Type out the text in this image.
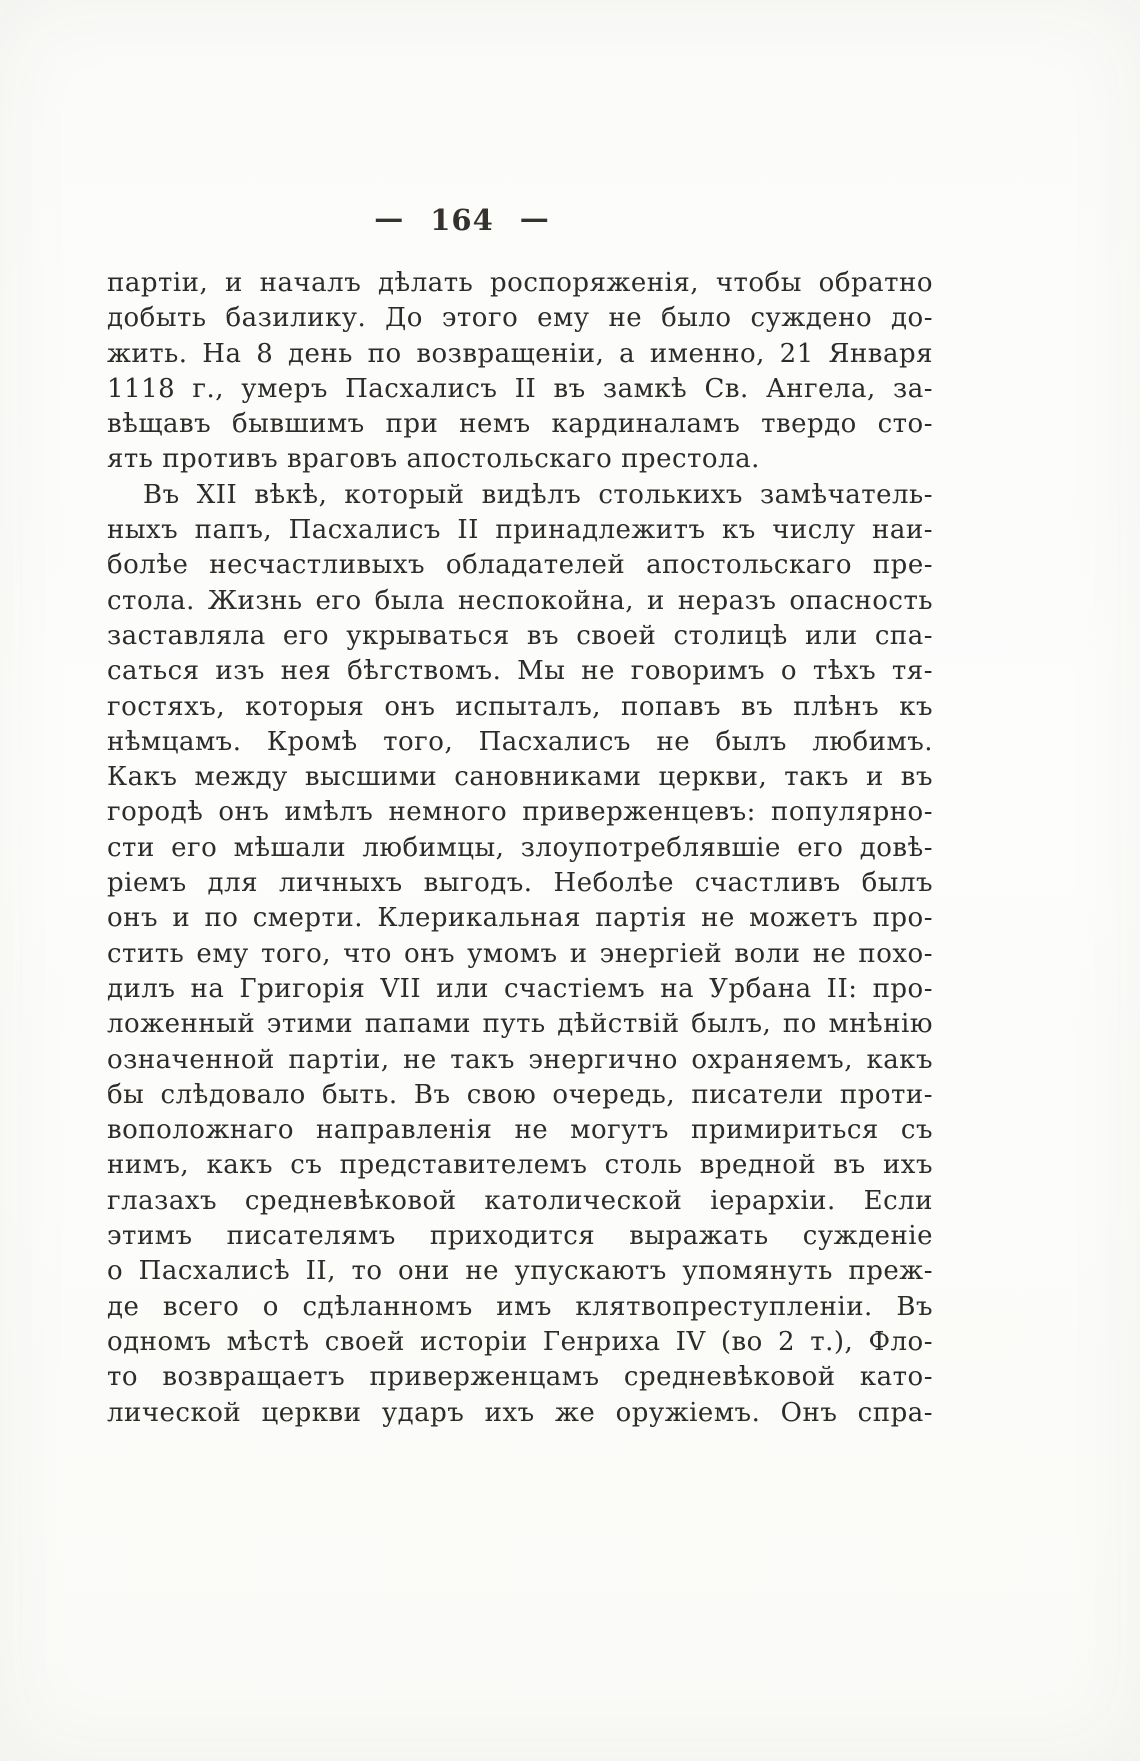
— 164 —
партіи, и началъ дѣлать роспоряженія, чтобы обратно
добыть базилику. До этого ему не было суждено до-
жить. На 8 день по возвращеніи, а именно, 21 Января
1118 г., умеръ Пасхалисъ II въ замкѣ Св. Ангела, за-
вѣщавъ бывшимъ при немъ кардиналамъ твердо сто-
ять противъ враговъ апостольскаго престола.
Въ XII вѣкѣ, который видѣлъ столькихъ замѣчатель-
ныхъ папъ, Пасхалисъ II принадлежитъ къ числу наи-
болѣе несчастливыхъ обладателей апостольскаго пре-
стола. Жизнь его была неспокойна, и неразъ опасность
заставляла его укрываться въ своей столицѣ или спа-
саться изъ нея бѣгствомъ. Мы не говоримъ о тѣхъ тя-
гостяхъ, которыя онъ испыталъ, попавъ въ плѣнъ къ
нѣмцамъ. Кромѣ того, Пасхалисъ не былъ любимъ.
Какъ между высшими сановниками церкви, такъ и въ
городѣ онъ имѣлъ немного приверженцевъ: популярно-
сти его мѣшали любимцы, злоупотреблявшіе его довѣ-
ріемъ для личныхъ выгодъ. Неболѣе счастливъ былъ
онъ и по смерти. Клерикальная партія не можетъ про-
стить ему того, что онъ умомъ и энергіей воли не похо-
дилъ на Григорія VII или счастіемъ на Урбана II: про-
ложенный этими папами путь дѣйствій былъ, по мнѣнію
означенной партіи, не такъ энергично охраняемъ, какъ
бы слѣдовало быть. Въ свою очередь, писатели проти-
воположнаго направленія не могутъ примириться съ
нимъ, какъ съ представителемъ столь вредной въ ихъ
глазахъ средневѣковой католической іерархіи. Если
этимъ писателямъ приходится выражать сужденіе
о Пасхалисѣ II, то они не упускаютъ упомянуть преж-
де всего о сдѣланномъ имъ клятвопреступленіи. Въ
одномъ мѣстѣ своей исторіи Генриха IV (во 2 т.), Фло-
то возвращаетъ приверженцамъ средневѣковой като-
лической церкви ударъ ихъ же оружіемъ. Онъ спра-
